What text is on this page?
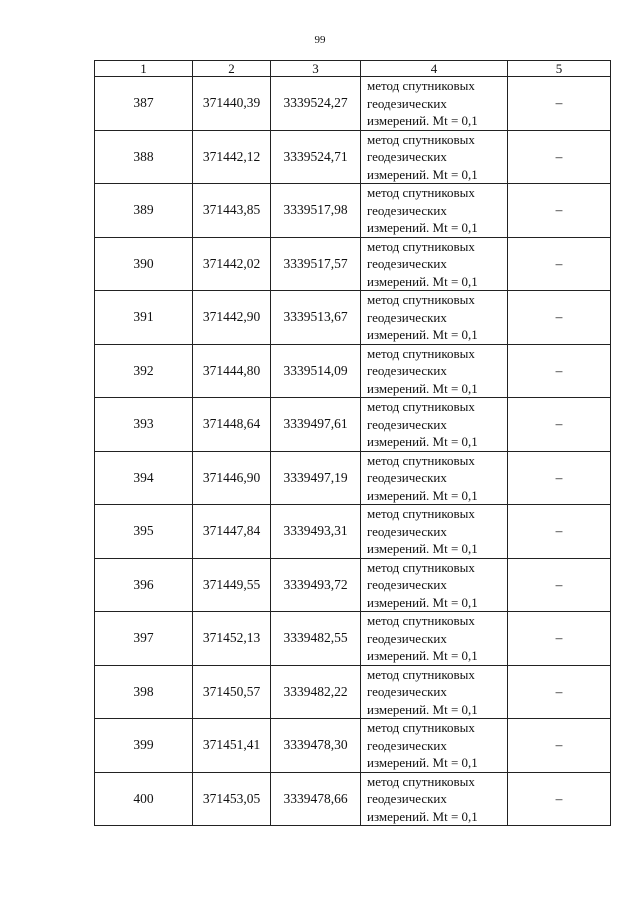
99
1	2	3	4	5
387	371440,39	3339524,27	метод спутниковых
геодезических
измерений. Mt = 0,1	–
388	371442,12	3339524,71	метод спутниковых
геодезических
измерений. Mt = 0,1	–
389	371443,85	3339517,98	метод спутниковых
геодезических
измерений. Mt = 0,1	–
390	371442,02	3339517,57	метод спутниковых
геодезических
измерений. Mt = 0,1	–
391	371442,90	3339513,67	метод спутниковых
геодезических
измерений. Mt = 0,1	–
392	371444,80	3339514,09	метод спутниковых
геодезических
измерений. Mt = 0,1	–
393	371448,64	3339497,61	метод спутниковых
геодезических
измерений. Mt = 0,1	–
394	371446,90	3339497,19	метод спутниковых
геодезических
измерений. Mt = 0,1	–
395	371447,84	3339493,31	метод спутниковых
геодезических
измерений. Mt = 0,1	–
396	371449,55	3339493,72	метод спутниковых
геодезических
измерений. Mt = 0,1	–
397	371452,13	3339482,55	метод спутниковых
геодезических
измерений. Mt = 0,1	–
398	371450,57	3339482,22	метод спутниковых
геодезических
измерений. Mt = 0,1	–
399	371451,41	3339478,30	метод спутниковых
геодезических
измерений. Mt = 0,1	–
400	371453,05	3339478,66	метод спутниковых
геодезических
измерений. Mt = 0,1	–
